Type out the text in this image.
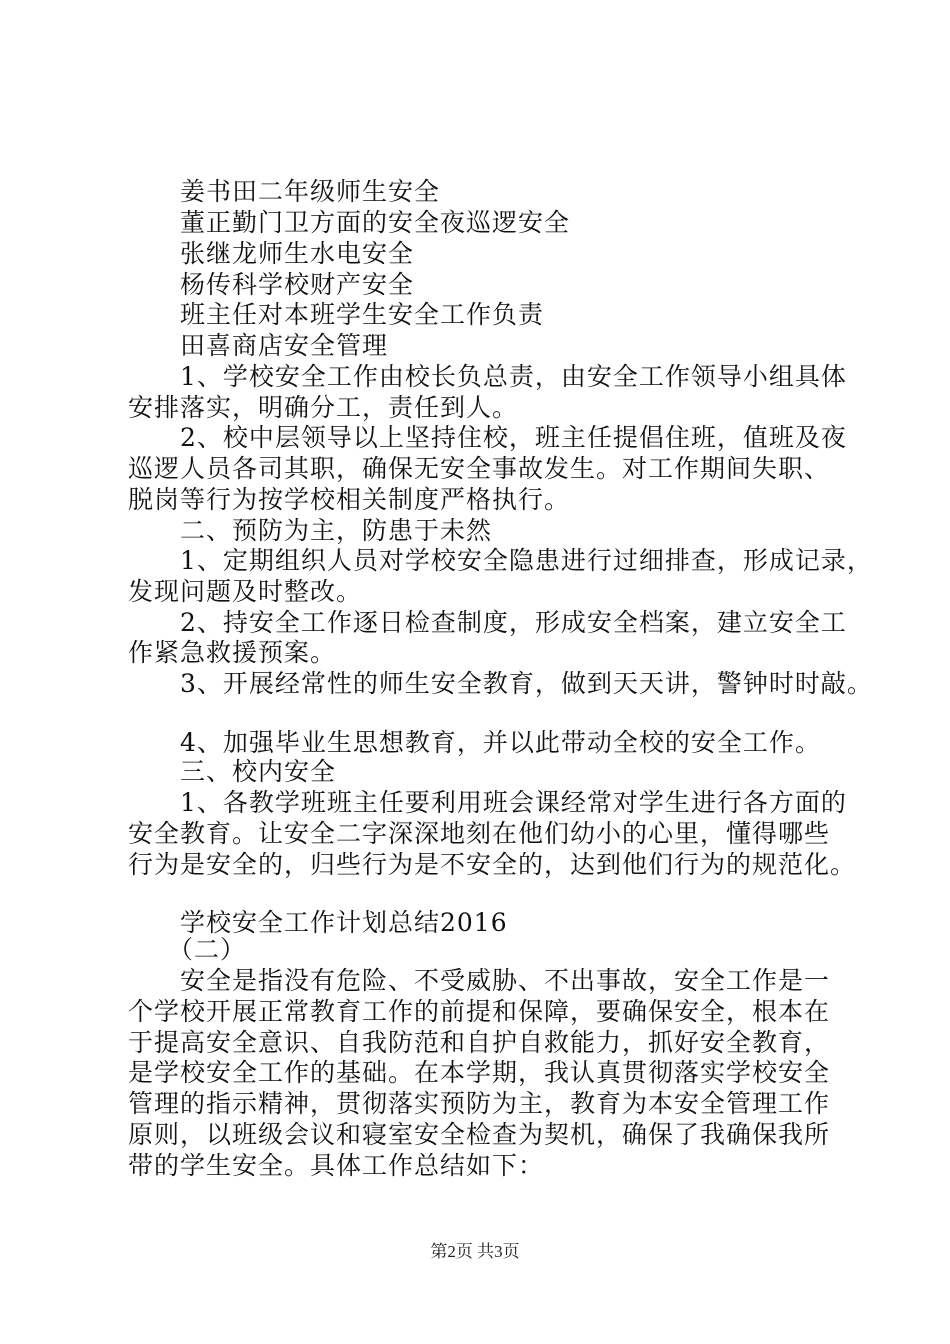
姜书田二年级师生安全
董正勤门卫方面的安全夜巡逻安全
张继龙师生水电安全
杨传科学校财产安全
班主任对本班学生安全工作负责
田喜商店安全管理
1、学校安全工作由校长负总责，由安全工作领导小组具体
安排落实，明确分工，责任到人。
2、校中层领导以上坚持住校，班主任提倡住班，值班及夜
巡逻人员各司其职，确保无安全事故发生。对工作期间失职、
脱岗等行为按学校相关制度严格执行。
二、预防为主，防患于未然
1、定期组织人员对学校安全隐患进行过细排查，形成记录，
发现问题及时整改。
2、持安全工作逐日检查制度，形成安全档案，建立安全工
作紧急救援预案。
3、开展经常性的师生安全教育，做到天天讲，警钟时时敲。
4、加强毕业生思想教育，并以此带动全校的安全工作。
三、校内安全
1、各教学班班主任要利用班会课经常对学生进行各方面的
安全教育。让安全二字深深地刻在他们幼小的心里，懂得哪些
行为是安全的，归些行为是不安全的，达到他们行为的规范化。
学校安全工作计划总结2016
（二）
安全是指没有危险、不受威胁、不出事故，安全工作是一
个学校开展正常教育工作的前提和保障，要确保安全，根本在
于提高安全意识、自我防范和自护自救能力，抓好安全教育，
是学校安全工作的基础。在本学期，我认真贯彻落实学校安全
管理的指示精神，贯彻落实预防为主，教育为本安全管理工作
原则，以班级会议和寝室安全检查为契机，确保了我确保我所
带的学生安全。具体工作总结如下：
第2页 共3页
